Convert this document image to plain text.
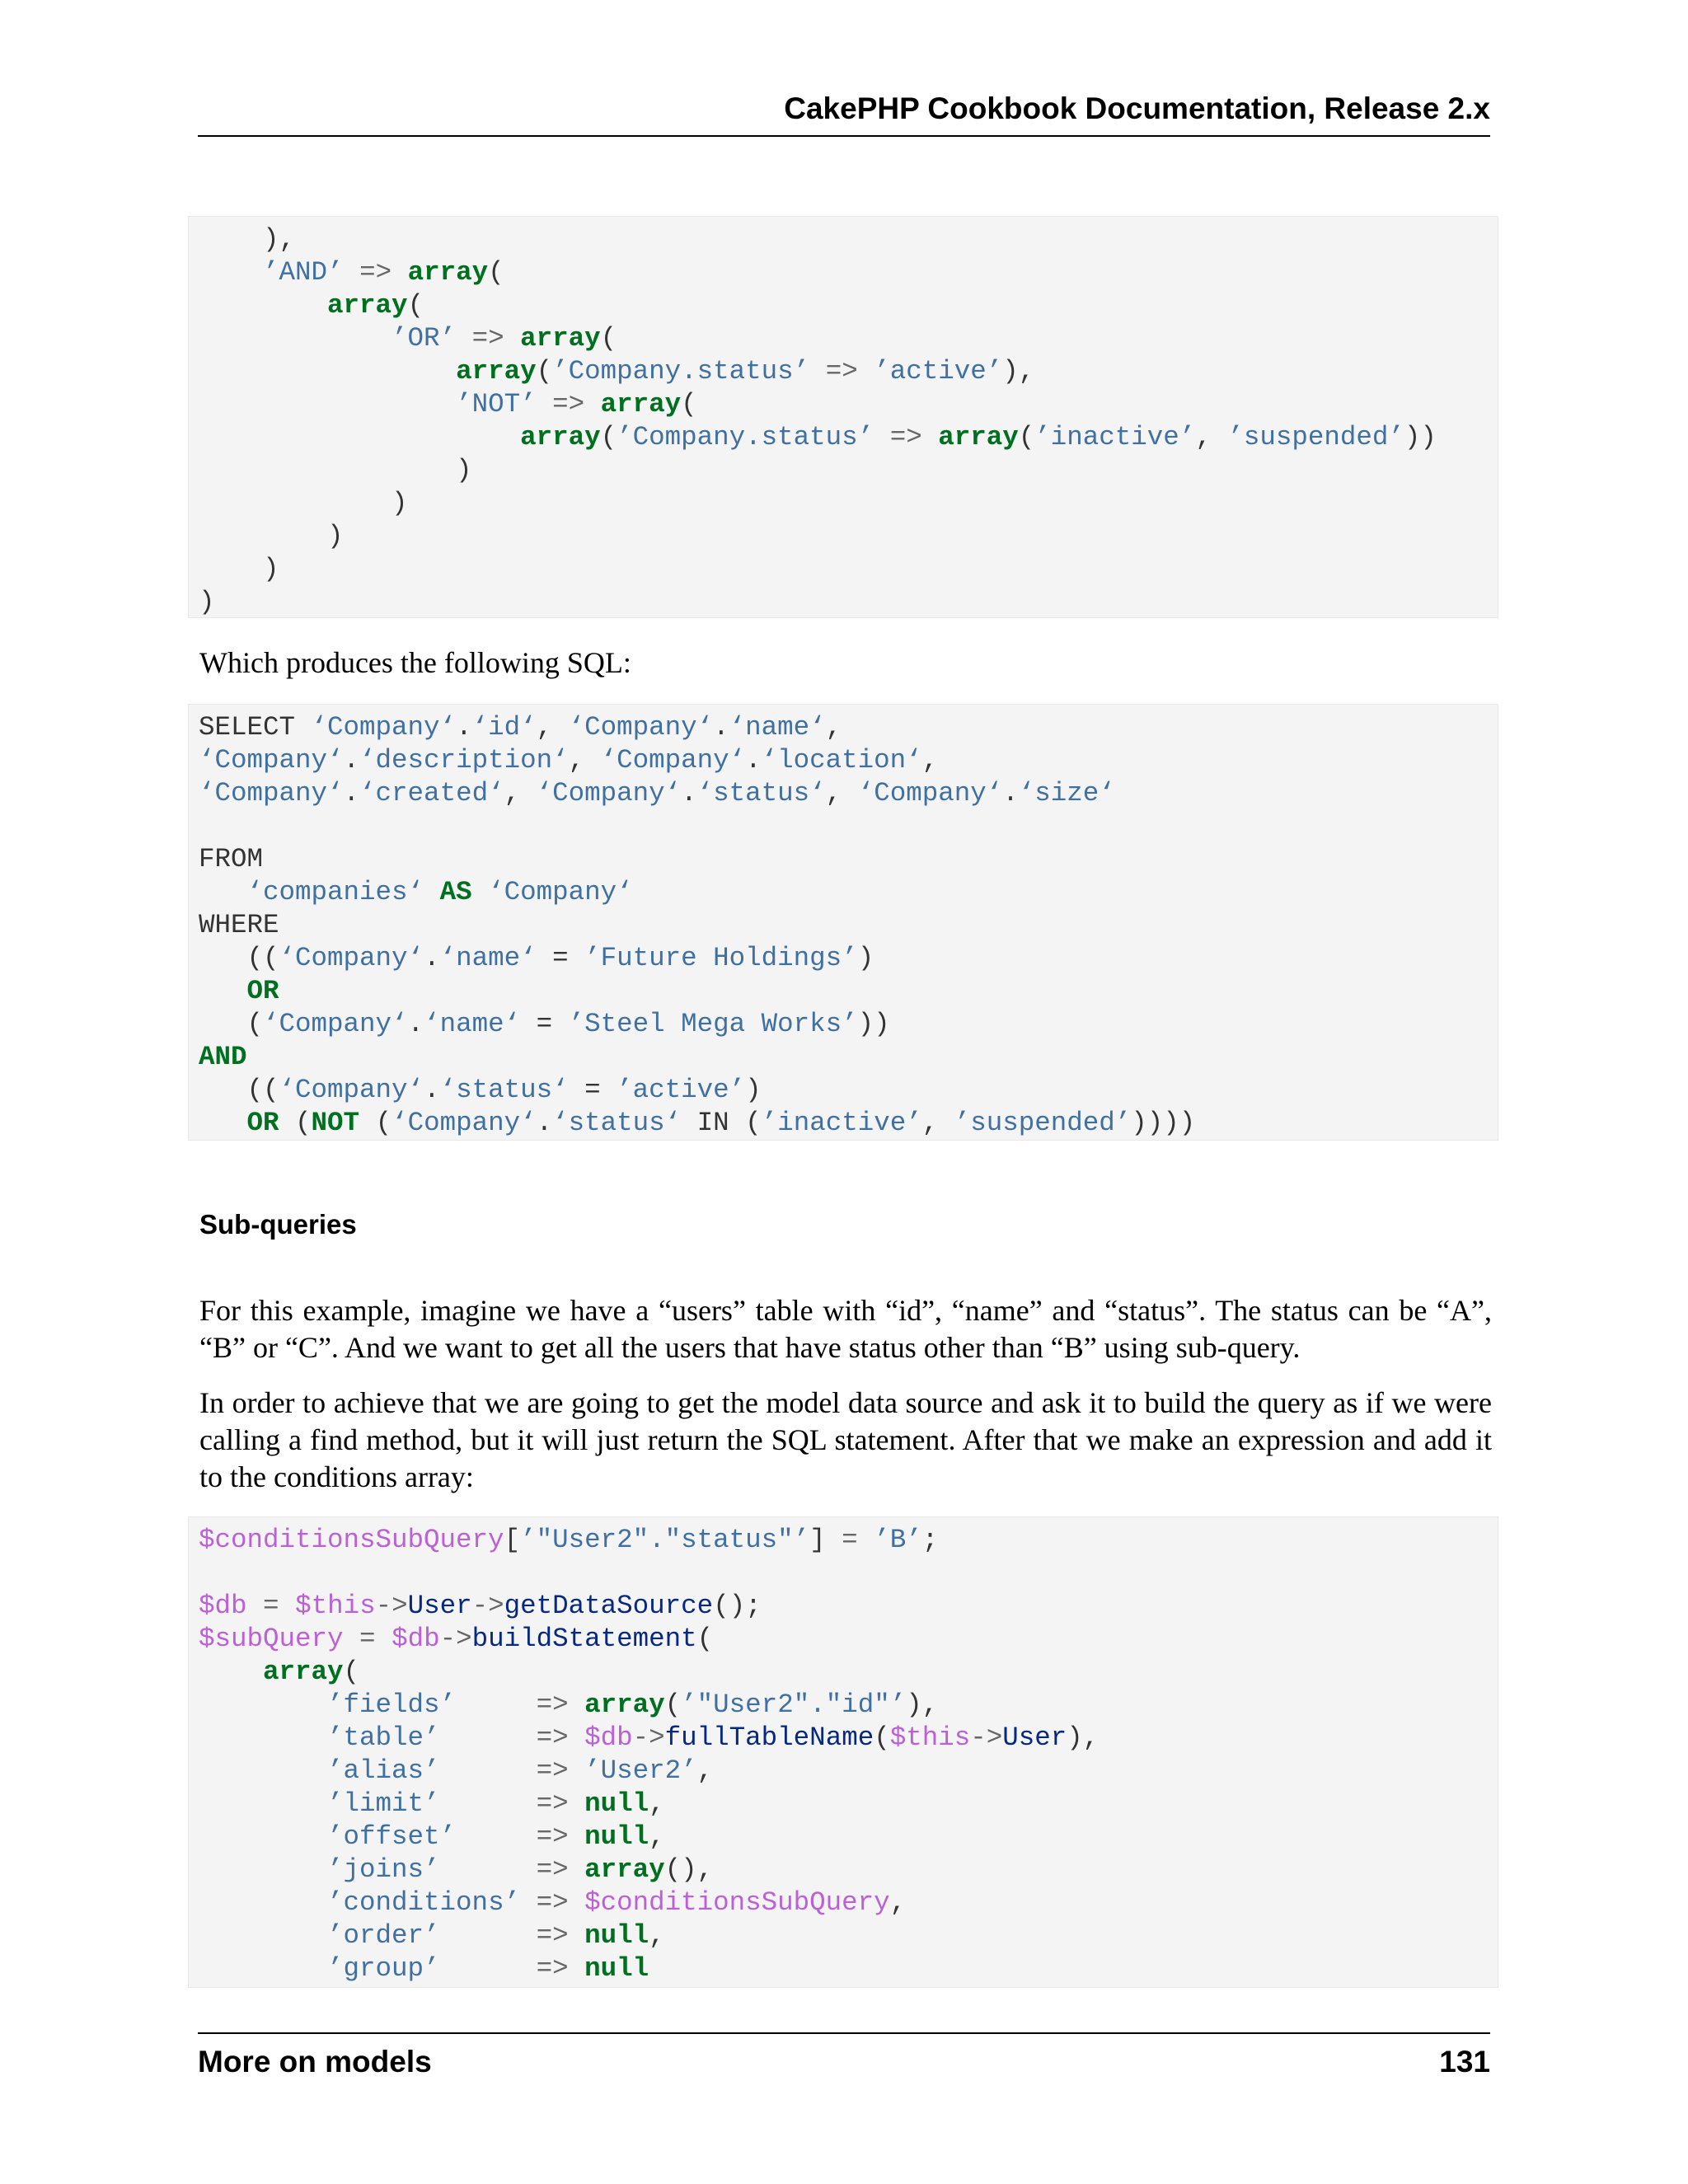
CakePHP Cookbook Documentation, Release 2.x
),
’AND’ => array(
array(
’OR’ => array(
array(’Company.status’ => ’active’),
’NOT’ => array(
array(’Company.status’ => array(’inactive’, ’suspended’))
)
)
)
)
)
Which produces the following SQL:
SELECT ‘Company‘.‘id‘, ‘Company‘.‘name‘,
‘Company‘.‘description‘, ‘Company‘.‘location‘,
‘Company‘.‘created‘, ‘Company‘.‘status‘, ‘Company‘.‘size‘
FROM
‘companies‘ AS ‘Company‘
WHERE
((‘Company‘.‘name‘ = ’Future Holdings’)
OR
(‘Company‘.‘name‘ = ’Steel Mega Works’))
AND
((‘Company‘.‘status‘ = ’active’)
OR (NOT (‘Company‘.‘status‘ IN (’inactive’, ’suspended’))))
Sub-queries
For this example, imagine we have a “users” table with “id”, “name” and “status”. The status can be “A”, “B” or “C”. And we want to get all the users that have status other than “B” using sub-query.
In order to achieve that we are going to get the model data source and ask it to build the query as if we were calling a find method, but it will just return the SQL statement. After that we make an expression and add it to the conditions array:
$conditionsSubQuery[’"User2"."status"’] = ’B’;
$db = $this->User->getDataSource();
$subQuery = $db->buildStatement(
array(
’fields’	=> array(’"User2"."id"’),
’table’	=> $db->fullTableName($this->User),
’alias’	=> ’User2’,
’limit’	=> null,
’offset’	=> null,
’joins’	=> array(),
’conditions’ => $conditionsSubQuery,
’order’	=> null,
’group’	=> null
More on models	131
